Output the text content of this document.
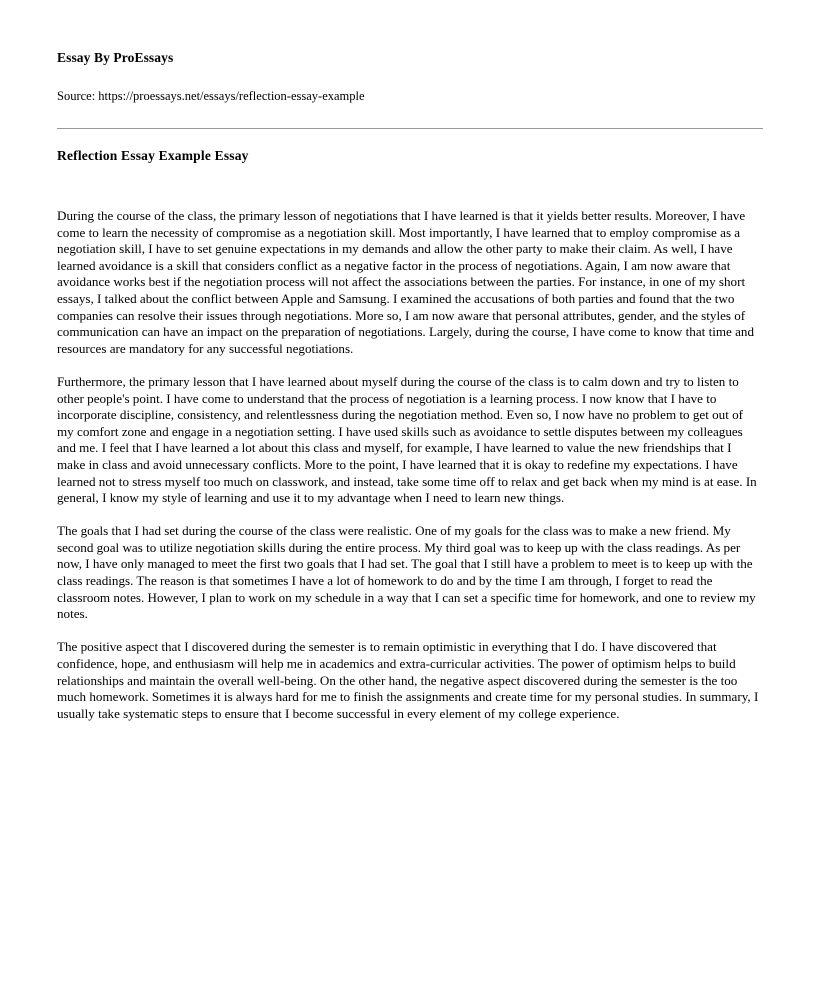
Essay By ProEssays
Source: https://proessays.net/essays/reflection-essay-example
Reflection Essay Example Essay

During the course of the class, the primary lesson of negotiations that I have learned is that it yields better results. Moreover, I have come to learn the necessity of compromise as a negotiation skill. Most importantly, I have learned that to employ compromise as a negotiation skill, I have to set genuine expectations in my demands and allow the other party to make their claim. As well, I have learned avoidance is a skill that considers conflict as a negative factor in the process of negotiations. Again, I am now aware that avoidance works best if the negotiation process will not affect the associations between the parties. For instance, in one of my short essays, I talked about the conflict between Apple and Samsung. I examined the accusations of both parties and found that the two companies can resolve their issues through negotiations. More so, I am now aware that personal attributes, gender, and the styles of communication can have an impact on the preparation of negotiations. Largely, during the course, I have come to know that time and resources are mandatory for any successful negotiations.

Furthermore, the primary lesson that I have learned about myself during the course of the class is to calm down and try to listen to other people's point. I have come to understand that the process of negotiation is a learning process. I now know that I have to incorporate discipline, consistency, and relentlessness during the negotiation method. Even so, I now have no problem to get out of my comfort zone and engage in a negotiation setting. I have used skills such as avoidance to settle disputes between my colleagues and me. I feel that I have learned a lot about this class and myself, for example, I have learned to value the new friendships that I make in class and avoid unnecessary conflicts. More to the point, I have learned that it is okay to redefine my expectations. I have learned not to stress myself too much on classwork, and instead, take some time off to relax and get back when my mind is at ease. In general, I know my style of learning and use it to my advantage when I need to learn new things.

The goals that I had set during the course of the class were realistic. One of my goals for the class was to make a new friend. My second goal was to utilize negotiation skills during the entire process. My third goal was to keep up with the class readings. As per now, I have only managed to meet the first two goals that I had set. The goal that I still have a problem to meet is to keep up with the class readings. The reason is that sometimes I have a lot of homework to do and by the time I am through, I forget to read the classroom notes. However, I plan to work on my schedule in a way that I can set a specific time for homework, and one to review my notes.

The positive aspect that I discovered during the semester is to remain optimistic in everything that I do. I have discovered that confidence, hope, and enthusiasm will help me in academics and extra-curricular activities. The power of optimism helps to build relationships and maintain the overall well-being. On the other hand, the negative aspect discovered during the semester is the too much homework. Sometimes it is always hard for me to finish the assignments and create time for my personal studies. In summary, I usually take systematic steps to ensure that I become successful in every element of my college experience.
